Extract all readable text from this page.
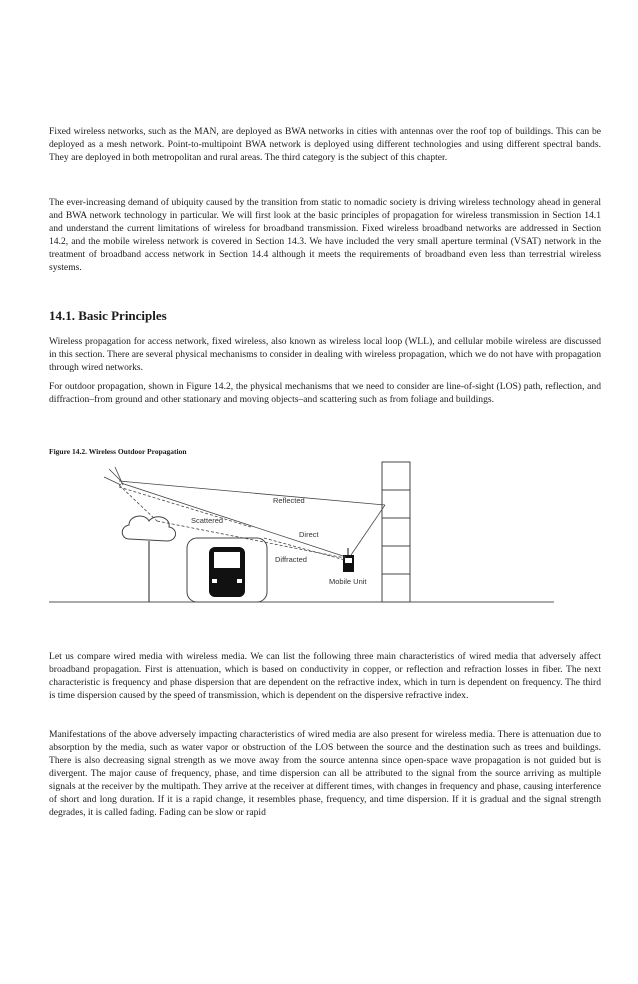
Fixed wireless networks, such as the MAN, are deployed as BWA networks in cities with antennas over the roof top of buildings. This can be deployed as a mesh network. Point-to-multipoint BWA network is deployed using different technologies and using different spectral bands. They are deployed in both metropolitan and rural areas. The third category is the subject of this chapter.

The ever-increasing demand of ubiquity caused by the transition from static to nomadic society is driving wireless technology ahead in general and BWA network technology in particular. We will first look at the basic principles of propagation for wireless transmission in Section 14.1 and understand the current limitations of wireless for broadband transmission. Fixed wireless broadband networks are addressed in Section 14.2, and the mobile wireless network is covered in Section 14.3. We have included the very small aperture terminal (VSAT) network in the treatment of broadband access network in Section 14.4 although it meets the requirements of broadband even less than terrestrial wireless systems.

14.1. Basic Principles

Wireless propagation for access network, fixed wireless, also known as wireless local loop (WLL), and cellular mobile wireless are discussed in this section. There are several physical mechanisms to consider in dealing with wireless propagation, which we do not have with propagation through wired networks.

For outdoor propagation, shown in Figure 14.2, the physical mechanisms that we need to consider are line-of-sight (LOS) path, reflection, and diffraction–from ground and other stationary and moving objects–and scattering such as from foliage and buildings.

Figure 14.2. Wireless Outdoor Propagation

Reflected
Scattered
Direct
Diffracted
Mobile Unit

Let us compare wired media with wireless media. We can list the following three main characteristics of wired media that adversely affect broadband propagation. First is attenuation, which is based on conductivity in copper, or reflection and refraction losses in fiber. The next characteristic is frequency and phase dispersion that are dependent on the refractive index, which in turn is dependent on frequency. The third is time dispersion caused by the speed of transmission, which is dependent on the dispersive refractive index.

Manifestations of the above adversely impacting characteristics of wired media are also present for wireless media. There is attenuation due to absorption by the media, such as water vapor or obstruction of the LOS between the source and the destination such as trees and buildings. There is also decreasing signal strength as we move away from the source antenna since open-space wave propagation is not guided but is divergent. The major cause of frequency, phase, and time dispersion can all be attributed to the signal from the source arriving as multiple signals at the receiver by the multipath. They arrive at the receiver at different times, with changes in frequency and phase, causing interference of short and long duration. If it is a rapid change, it resembles phase, frequency, and time dispersion. If it is gradual and the signal strength degrades, it is called fading. Fading can be slow or rapid
